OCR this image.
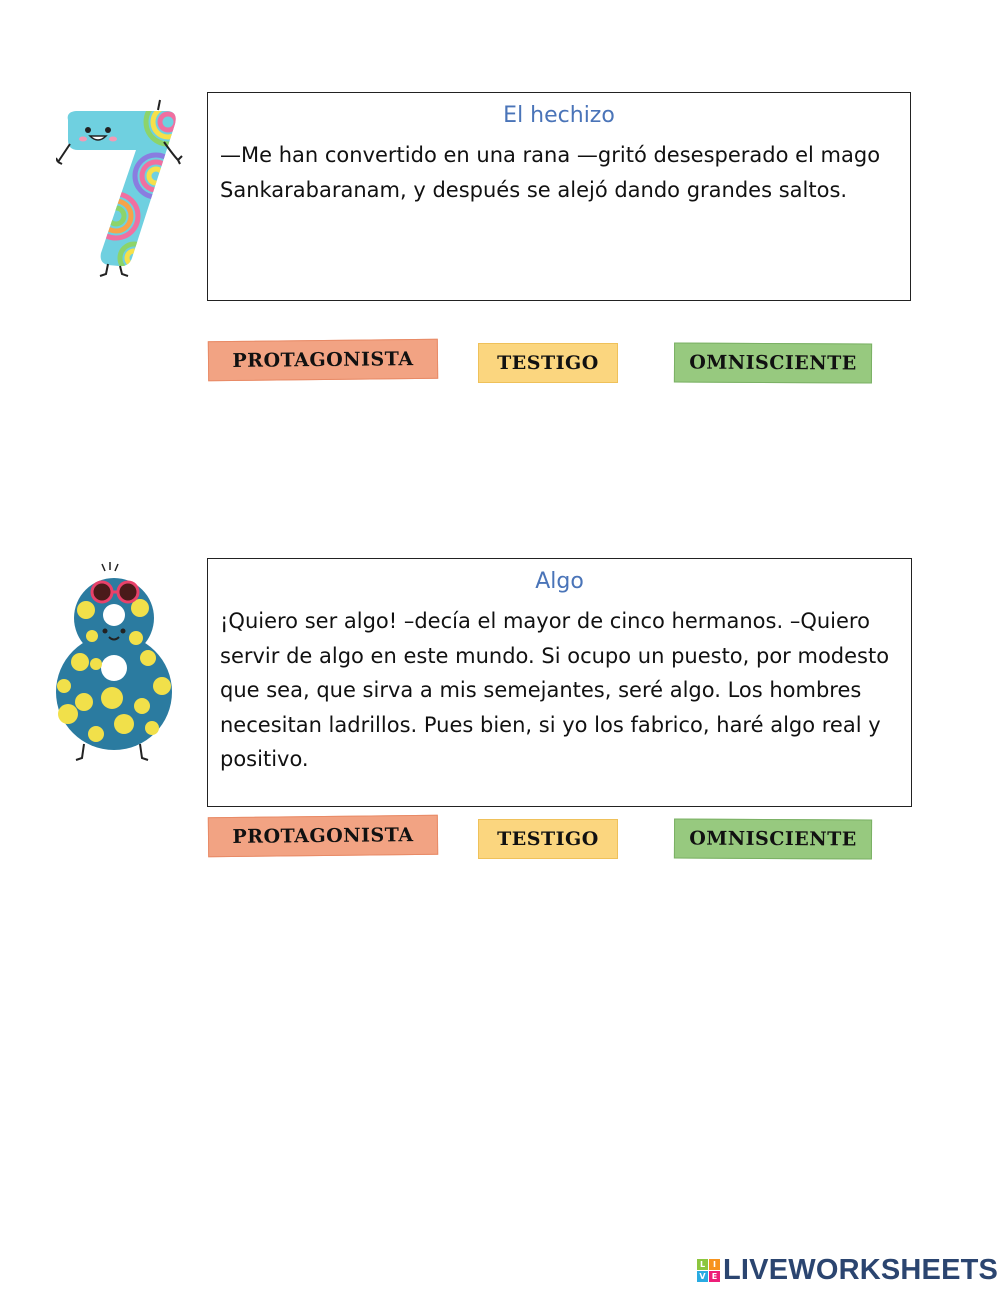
El hechizo
—Me han convertido en una rana —gritó desesperado el mago
Sankarabaranam, y después se alejó dando grandes saltos.
PROTAGONISTA	TESTIGO	OMNISCIENTE
Algo
¡Quiero ser algo! –decía el mayor de cinco hermanos. –Quiero
servir de algo en este mundo. Si ocupo un puesto, por modesto
que sea, que sirva a mis semejantes, seré algo. Los hombres
necesitan ladrillos. Pues bien, si yo los fabrico, haré algo real y
positivo.
PROTAGONISTA	TESTIGO	OMNISCIENTE
L I
V E LIVEWORKSHEETS
